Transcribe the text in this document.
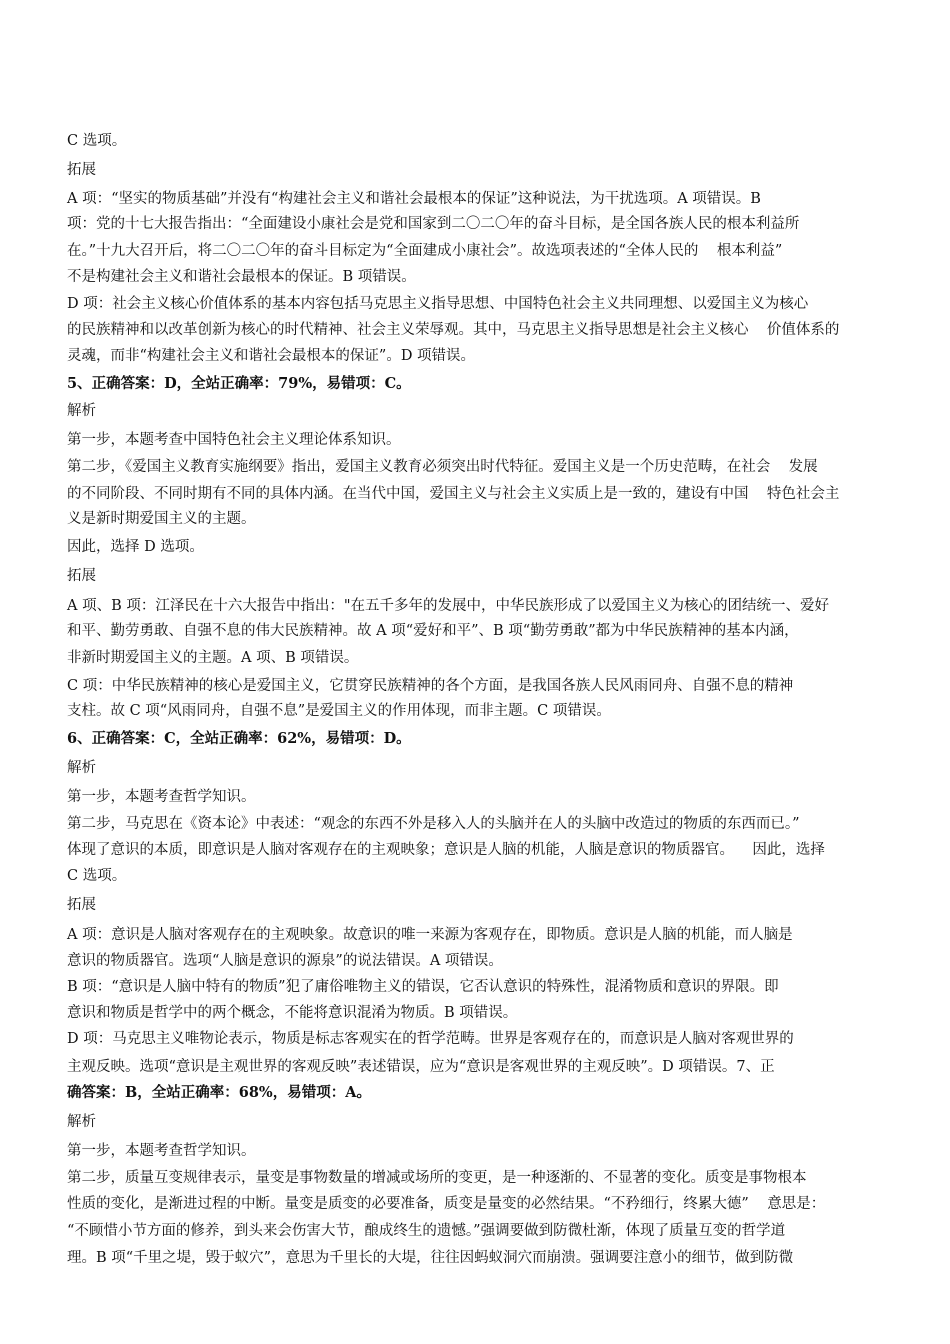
C 选项。
拓展
A 项：“坚实的物质基础”并没有“构建社会主义和谐社会最根本的保证”这种说法，为干扰选项。A 项错误。B
项：党的十七大报告指出：“全面建设小康社会是党和国家到二〇二〇年的奋斗目标，是全国各族人民的根本利益所
在。”十九大召开后，将二〇二〇年的奋斗目标定为“全面建成小康社会”。故选项表述的“全体人民的    根本利益”
不是构建社会主义和谐社会最根本的保证。B 项错误。
D 项：社会主义核心价值体系的基本内容包括马克思主义指导思想、中国特色社会主义共同理想、以爱国主义为核心
的民族精神和以改革创新为核心的时代精神、社会主义荣辱观。其中，马克思主义指导思想是社会主义核心    价值体系的
灵魂，而非“构建社会主义和谐社会最根本的保证”。D 项错误。
5、正确答案：D，全站正确率：79%，易错项：C。
解析
第一步，本题考查中国特色社会主义理论体系知识。
第二步，《爱国主义教育实施纲要》指出，爱国主义教育必须突出时代特征。爱国主义是一个历史范畴，在社会    发展
的不同阶段、不同时期有不同的具体内涵。在当代中国，爱国主义与社会主义实质上是一致的，建设有中国    特色社会主
义是新时期爱国主义的主题。
因此，选择 D 选项。
拓展
A 项、B 项：江泽民在十六大报告中指出："在五千多年的发展中，中华民族形成了以爱国主义为核心的团结统一、爱好
和平、勤劳勇敢、自强不息的伟大民族精神。故 A 项“爱好和平”、B 项“勤劳勇敢”都为中华民族精神的基本内涵，
非新时期爱国主义的主题。A 项、B 项错误。
C 项：中华民族精神的核心是爱国主义，它贯穿民族精神的各个方面，是我国各族人民风雨同舟、自强不息的精神
支柱。故 C 项“风雨同舟，自强不息”是爱国主义的作用体现，而非主题。C 项错误。
6、正确答案：C，全站正确率：62%，易错项：D。
解析
第一步，本题考查哲学知识。
第二步，马克思在《资本论》中表述：“观念的东西不外是移入人的头脑并在人的头脑中改造过的物质的东西而已。”
体现了意识的本质，即意识是人脑对客观存在的主观映象；意识是人脑的机能，人脑是意识的物质器官。    因此，选择
C 选项。
拓展
A 项：意识是人脑对客观存在的主观映象。故意识的唯一来源为客观存在，即物质。意识是人脑的机能，而人脑是
意识的物质器官。选项“人脑是意识的源泉”的说法错误。A 项错误。
B 项：“意识是人脑中特有的物质”犯了庸俗唯物主义的错误，它否认意识的特殊性，混淆物质和意识的界限。即
意识和物质是哲学中的两个概念，不能将意识混淆为物质。B 项错误。
D 项：马克思主义唯物论表示，物质是标志客观实在的哲学范畴。世界是客观存在的，而意识是人脑对客观世界的
主观反映。选项“意识是主观世界的客观反映”表述错误，应为“意识是客观世界的主观反映”。D 项错误。7、正
确答案：B，全站正确率：68%，易错项：A。
解析
第一步，本题考查哲学知识。
第二步，质量互变规律表示，量变是事物数量的增减或场所的变更，是一种逐渐的、不显著的变化。质变是事物根本
性质的变化，是渐进过程的中断。量变是质变的必要准备，质变是量变的必然结果。“不矜细行，终累大德”    意思是：
“不顾惜小节方面的修养，到头来会伤害大节，酿成终生的遗憾。”强调要做到防微杜渐，体现了质量互变的哲学道
理。B 项“千里之堤，毁于蚁穴”，意思为千里长的大堤，往往因蚂蚁洞穴而崩溃。强调要注意小的细节，做到防微
